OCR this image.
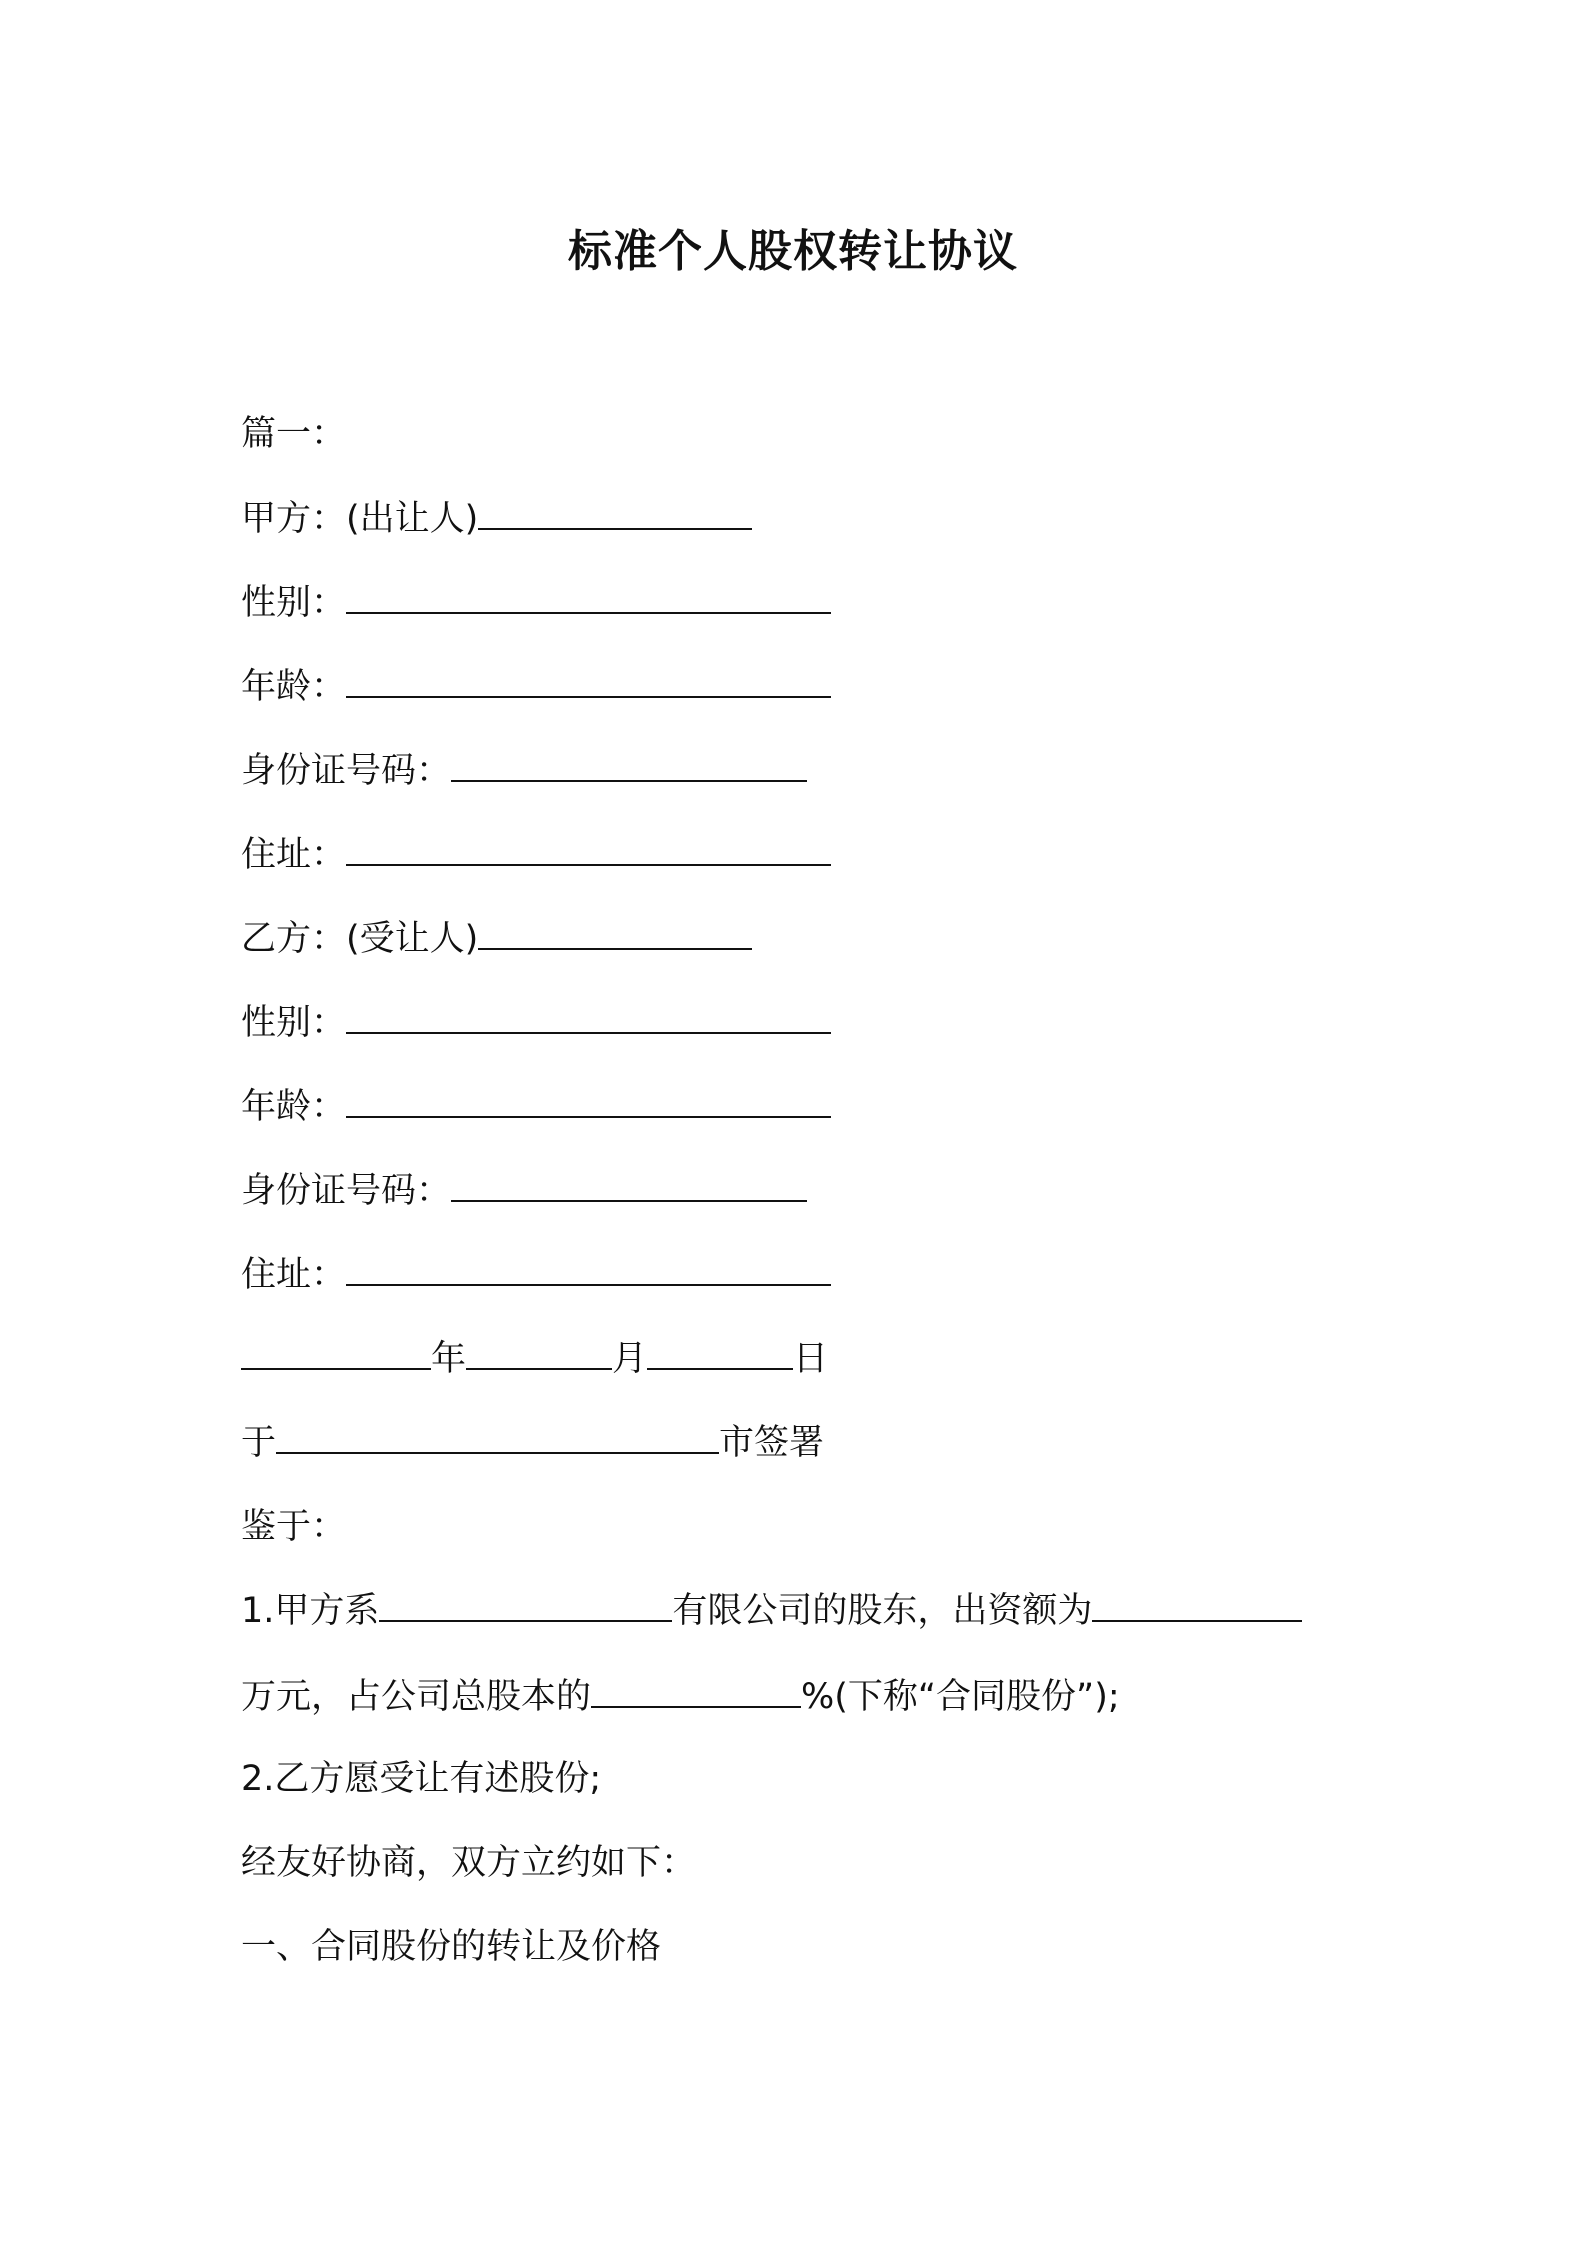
标准个人股权转让协议
篇一：
甲方：(出让人)
性别：
年龄：
身份证号码：
住址：
乙方：(受让人)
性别：
年龄：
身份证号码：
住址：
年	月	日
于	市签署
鉴于：
1.甲方系	有限公司的股东，出资额为
万元，占公司总股本的	%(下称“合同股份”);
2.乙方愿受让有述股份;
经友好协商，双方立约如下：
一、合同股份的转让及价格
